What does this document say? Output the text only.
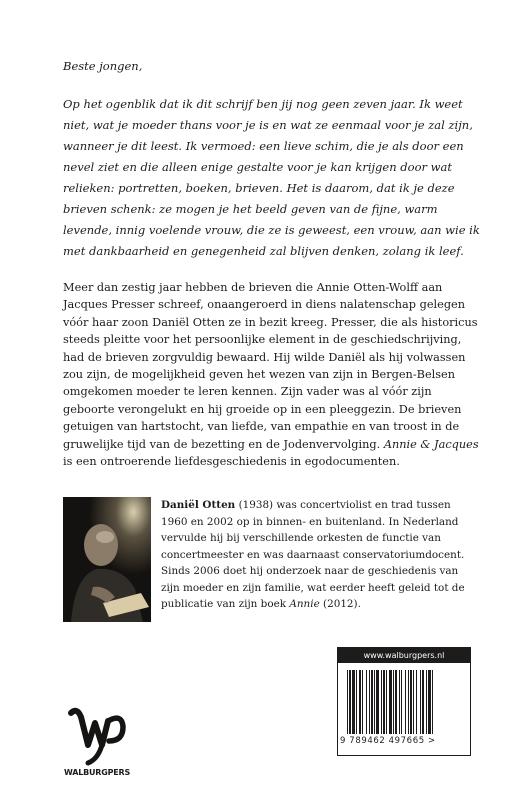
Beste jongen,
Op het ogenblik dat ik dit schrijf ben jij nog geen zeven jaar. Ik weet niet, wat je moeder thans voor je is en wat ze eenmaal voor je zal zijn, wanneer je dit leest. Ik vermoed: een lieve schim, die je als door een nevel ziet en die alleen enige gestalte voor je kan krijgen door wat relieken: portretten, boeken, brieven. Het is daarom, dat ik je deze brieven schenk: ze mogen je het beeld geven van de fijne, warm levende, innig voelende vrouw, die ze is geweest, een vrouw, aan wie ik met dankbaarheid en genegenheid zal blijven denken, zolang ik leef.
Meer dan zestig jaar hebben de brieven die Annie Otten-Wolff aan Jacques Presser schreef, onaangeroerd in diens nalatenschap gelegen vóór haar zoon Daniël Otten ze in bezit kreeg. Presser, die als historicus steeds pleitte voor het persoonlijke element in de geschiedschrijving, had de brieven zorgvuldig bewaard. Hij wilde Daniël als hij volwassen zou zijn, de mogelijkheid geven het wezen van zijn in Bergen-Belsen omgekomen moeder te leren kennen. Zijn vader was al vóór zijn geboorte verongelukt en hij groeide op in een pleeggezin. De brieven getuigen van hartstocht, van liefde, van empathie en van troost in de gruwelijke tijd van de bezetting en de Jodenvervolging. Annie & Jacques is een ontroerende liefdesgeschiedenis in egodocumenten.
Daniël Otten (1938) was concertviolist en trad tussen 1960 en 2002 op in binnen- en buitenland. In Nederland vervulde hij bij verschillende orkesten de functie van concertmeester en was daarnaast conservatoriumdocent. Sinds 2006 doet hij onderzoek naar de geschiedenis van zijn moeder en zijn familie, wat eerder heeft geleid tot de publicatie van zijn boek Annie (2012).
www.walburgpers.nl
9 789462 497665 >
WALBURGPERS
